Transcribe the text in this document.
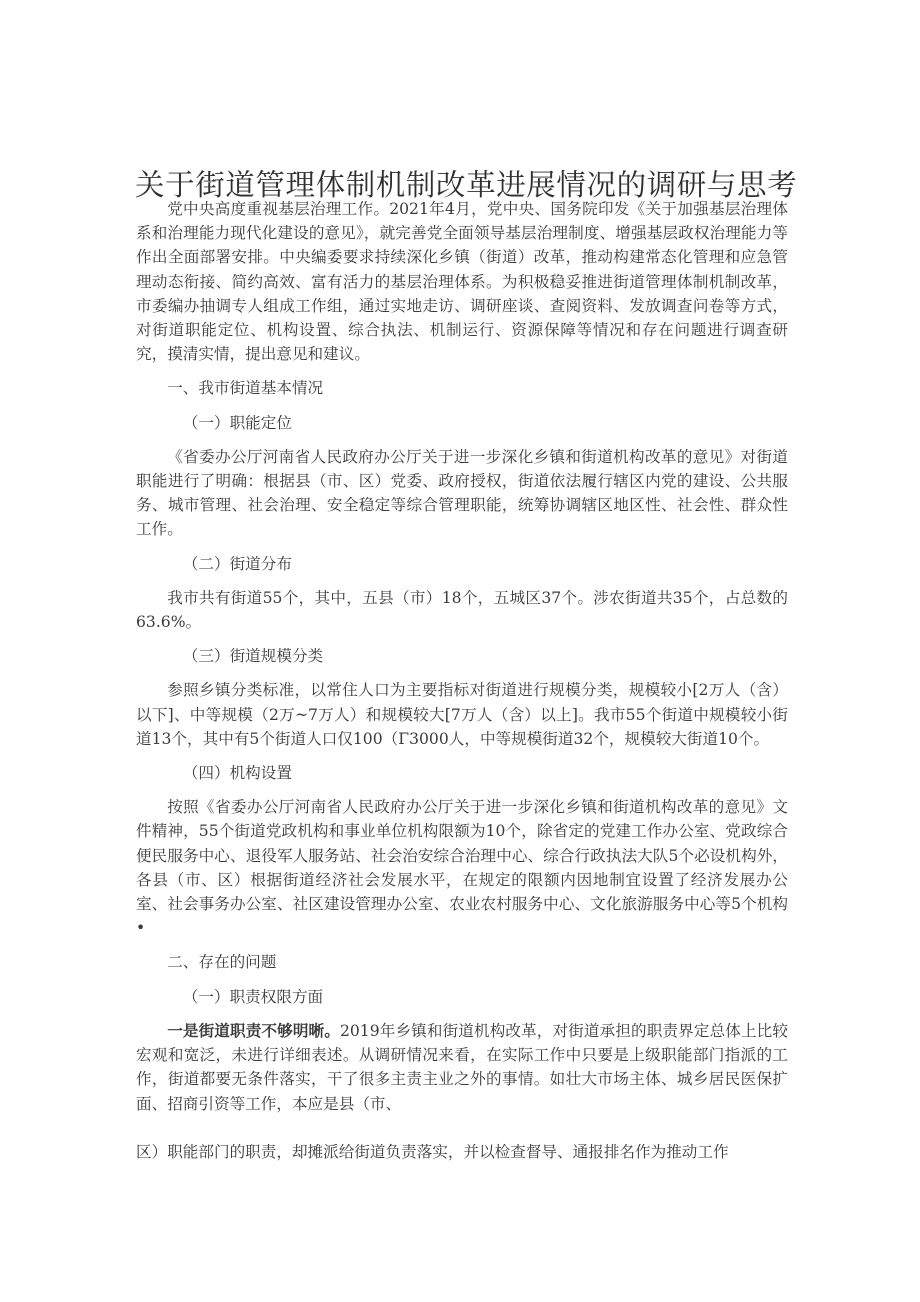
关于街道管理体制机制改革进展情况的调研与思考

党中央高度重视基层治理工作。2021年4月，党中央、国务院印发《关于加强基层治理体系和治理能力现代化建设的意见》，就完善党全面领导基层治理制度、增强基层政权治理能力等作出全面部署安排。中央编委要求持续深化乡镇（街道）改革，推动构建常态化管理和应急管理动态衔接、简约高效、富有活力的基层治理体系。为积极稳妥推进街道管理体制机制改革，市委编办抽调专人组成工作组，通过实地走访、调研座谈、查阅资料、发放调查问卷等方式，对街道职能定位、机构设置、综合执法、机制运行、资源保障等情况和存在问题进行调查研究，摸清实情，提出意见和建议。

一、我市街道基本情况

（一）职能定位

《省委办公厅河南省人民政府办公厅关于进一步深化乡镇和街道机构改革的意见》对街道职能进行了明确：根据县（市、区）党委、政府授权，街道依法履行辖区内党的建设、公共服务、城市管理、社会治理、安全稳定等综合管理职能，统筹协调辖区地区性、社会性、群众性工作。

（二）街道分布

我市共有街道55个，其中，五县（市）18个，五城区37个。涉农街道共35个，占总数的63.6%。

（三）街道规模分类

参照乡镇分类标准，以常住人口为主要指标对街道进行规模分类，规模较小[2万人（含）以下]、中等规模（2万~7万人）和规模较大[7万人（含）以上]。我市55个街道中规模较小街道13个，其中有5个街道人口仅100（Γ3000人，中等规模街道32个，规模较大街道10个。

（四）机构设置

按照《省委办公厅河南省人民政府办公厅关于进一步深化乡镇和街道机构改革的意见》文件精神，55个街道党政机构和事业单位机构限额为10个，除省定的党建工作办公室、党政综合便民服务中心、退役军人服务站、社会治安综合治理中心、综合行政执法大队5个必设机构外，各县（市、区）根据街道经济社会发展水平，在规定的限额内因地制宜设置了经济发展办公室、社会事务办公室、社区建设管理办公室、农业农村服务中心、文化旅游服务中心等5个机构•

二、存在的问题

（一）职责权限方面

一是街道职责不够明晰。2019年乡镇和街道机构改革，对街道承担的职责界定总体上比较宏观和宽泛，未进行详细表述。从调研情况来看，在实际工作中只要是上级职能部门指派的工作，街道都要无条件落实，干了很多主责主业之外的事情。如壮大市场主体、城乡居民医保扩面、招商引资等工作，本应是县（市、

区）职能部门的职责，却摊派给街道负责落实，并以检查督导、通报排名作为推动工作
